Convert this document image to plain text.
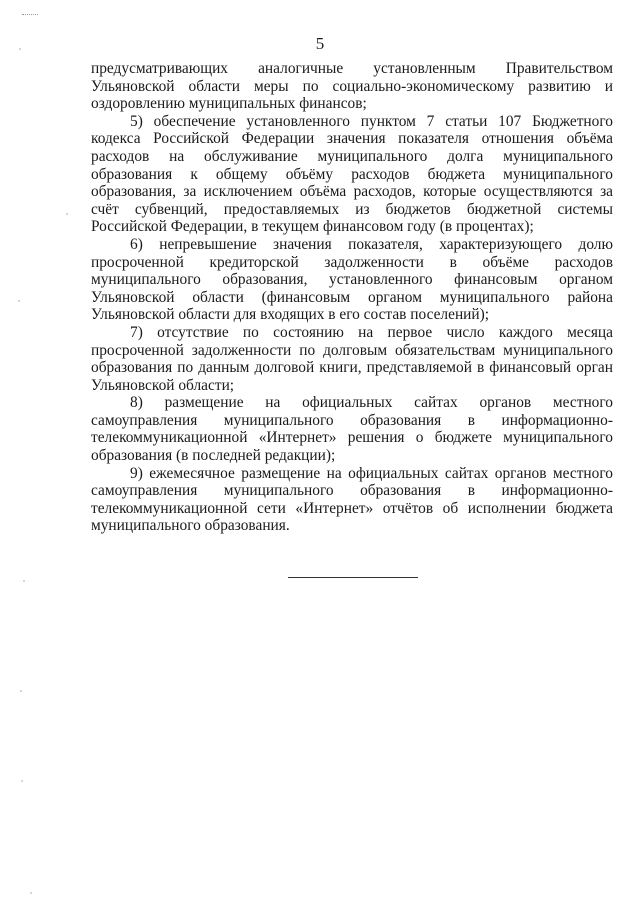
5

предусматривающих аналогичные установленным Правительством Ульяновской области меры по социально-экономическому развитию и оздоровлению муниципальных финансов;

5) обеспечение установленного пунктом 7 статьи 107 Бюджетного кодекса Российской Федерации значения показателя отношения объёма расходов на обслуживание муниципального долга муниципального образования к общему объёму расходов бюджета муниципального образования, за исключением объёма расходов, которые осуществляются за счёт субвенций, предоставляемых из бюджетов бюджетной системы Российской Федерации, в текущем финансовом году (в процентах);

6) непревышение значения показателя, характеризующего долю просроченной кредиторской задолженности в объёме расходов муниципального образования, установленного финансовым органом Ульяновской области (финансовым органом муниципального района Ульяновской области для входящих в его состав поселений);

7) отсутствие по состоянию на первое число каждого месяца просроченной задолженности по долговым обязательствам муниципального образования по данным долговой книги, представляемой в финансовый орган Ульяновской области;

8) размещение на официальных сайтах органов местного самоуправления муниципального образования в информационно-телекоммуникационной «Интернет» решения о бюджете муниципального образования (в последней редакции);

9) ежемесячное размещение на официальных сайтах органов местного самоуправления муниципального образования в информационно-телекоммуникационной сети «Интернет» отчётов об исполнении бюджета муниципального образования.
